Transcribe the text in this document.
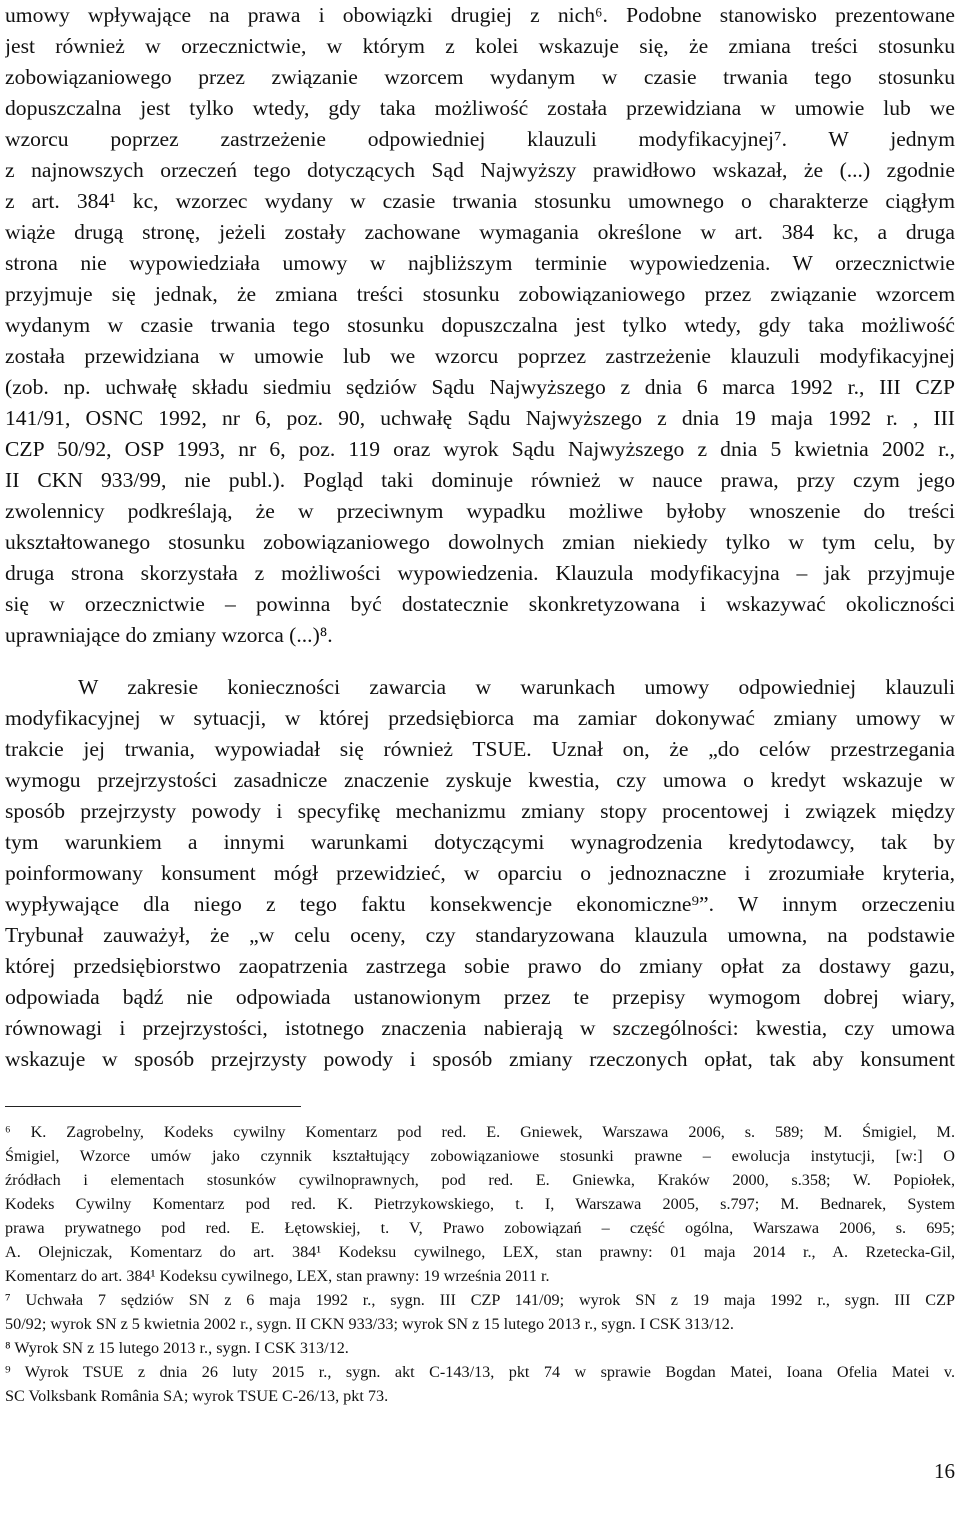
umowy wpływające na prawa i obowiązki drugiej z nich⁶. Podobne stanowisko prezentowane
jest również w orzecznictwie, w którym z kolei wskazuje się, że zmiana treści stosunku
zobowiązaniowego przez związanie wzorcem wydanym w czasie trwania tego stosunku
dopuszczalna jest tylko wtedy, gdy taka możliwość została przewidziana w umowie lub we
wzorcu poprzez zastrzeżenie odpowiedniej klauzuli modyfikacyjnej⁷. W jednym
z najnowszych orzeczeń tego dotyczących Sąd Najwyższy prawidłowo wskazał, że (...) zgodnie
z art. 384¹ kc, wzorzec wydany w czasie trwania stosunku umownego o charakterze ciągłym
wiąże drugą stronę, jeżeli zostały zachowane wymagania określone w art. 384 kc, a druga
strona nie wypowiedziała umowy w najbliższym terminie wypowiedzenia. W orzecznictwie
przyjmuje się jednak, że zmiana treści stosunku zobowiązaniowego przez związanie wzorcem
wydanym w czasie trwania tego stosunku dopuszczalna jest tylko wtedy, gdy taka możliwość
została przewidziana w umowie lub we wzorcu poprzez zastrzeżenie klauzuli modyfikacyjnej
(zob. np. uchwałę składu siedmiu sędziów Sądu Najwyższego z dnia 6 marca 1992 r., III CZP
141/91, OSNC 1992, nr 6, poz. 90, uchwałę Sądu Najwyższego z dnia 19 maja 1992 r. , III
CZP 50/92, OSP 1993, nr 6, poz. 119 oraz wyrok Sądu Najwyższego z dnia 5 kwietnia 2002 r.,
II CKN 933/99, nie publ.). Pogląd taki dominuje również w nauce prawa, przy czym jego
zwolennicy podkreślają, że w przeciwnym wypadku możliwe byłoby wnoszenie do treści
ukształtowanego stosunku zobowiązaniowego dowolnych zmian niekiedy tylko w tym celu, by
druga strona skorzystała z możliwości wypowiedzenia. Klauzula modyfikacyjna – jak przyjmuje
się w orzecznictwie – powinna być dostatecznie skonkretyzowana i wskazywać okoliczności
uprawniające do zmiany wzorca (...)⁸.
W zakresie konieczności zawarcia w warunkach umowy odpowiedniej klauzuli
modyfikacyjnej w sytuacji, w której przedsiębiorca ma zamiar dokonywać zmiany umowy w
trakcie jej trwania, wypowiadał się również TSUE. Uznał on, że „do celów przestrzegania
wymogu przejrzystości zasadnicze znaczenie zyskuje kwestia, czy umowa o kredyt wskazuje w
sposób przejrzysty powody i specyfikę mechanizmu zmiany stopy procentowej i związek między
tym warunkiem a innymi warunkami dotyczącymi wynagrodzenia kredytodawcy, tak by
poinformowany konsument mógł przewidzieć, w oparciu o jednoznaczne i zrozumiałe kryteria,
wypływające dla niego z tego faktu konsekwencje ekonomiczne⁹”. W innym orzeczeniu
Trybunał zauważył, że „w celu oceny, czy standaryzowana klauzula umowna, na podstawie
której przedsiębiorstwo zaopatrzenia zastrzega sobie prawo do zmiany opłat za dostawy gazu,
odpowiada bądź nie odpowiada ustanowionym przez te przepisy wymogom dobrej wiary,
równowagi i przejrzystości, istotnego znaczenia nabierają w szczególności: kwestia, czy umowa
wskazuje w sposób przejrzysty powody i sposób zmiany rzeczonych opłat, tak aby konsument
⁶ K. Zagrobelny, Kodeks cywilny Komentarz pod red. E. Gniewek, Warszawa 2006, s. 589; M. Śmigiel, M.
Śmigiel, Wzorce umów jako czynnik kształtujący zobowiązaniowe stosunki prawne – ewolucja instytucji, [w:] O
źródłach i elementach stosunków cywilnoprawnych, pod red. E. Gniewka, Kraków 2000, s.358; W. Popiołek,
Kodeks Cywilny Komentarz pod red. K. Pietrzykowskiego, t. I, Warszawa 2005, s.797; M. Bednarek, System
prawa prywatnego pod red. E. Łętowskiej, t. V, Prawo zobowiązań – część ogólna, Warszawa 2006, s. 695;
A. Olejniczak, Komentarz do art. 384¹ Kodeksu cywilnego, LEX, stan prawny: 01 maja 2014 r., A. Rzetecka-Gil,
Komentarz do art. 384¹ Kodeksu cywilnego, LEX, stan prawny: 19 września 2011 r.
⁷ Uchwała 7 sędziów SN z 6 maja 1992 r., sygn. III CZP 141/09; wyrok SN z 19 maja 1992 r., sygn. III CZP
50/92; wyrok SN z 5 kwietnia 2002 r., sygn. II CKN 933/33; wyrok SN z 15 lutego 2013 r., sygn. I CSK 313/12.
⁸ Wyrok SN z 15 lutego 2013 r., sygn. I CSK 313/12.
⁹ Wyrok TSUE z dnia 26 luty 2015 r., sygn. akt C-143/13, pkt 74 w sprawie Bogdan Matei, Ioana Ofelia Matei v.
SC Volksbank România SA; wyrok TSUE C-26/13, pkt 73.
16
